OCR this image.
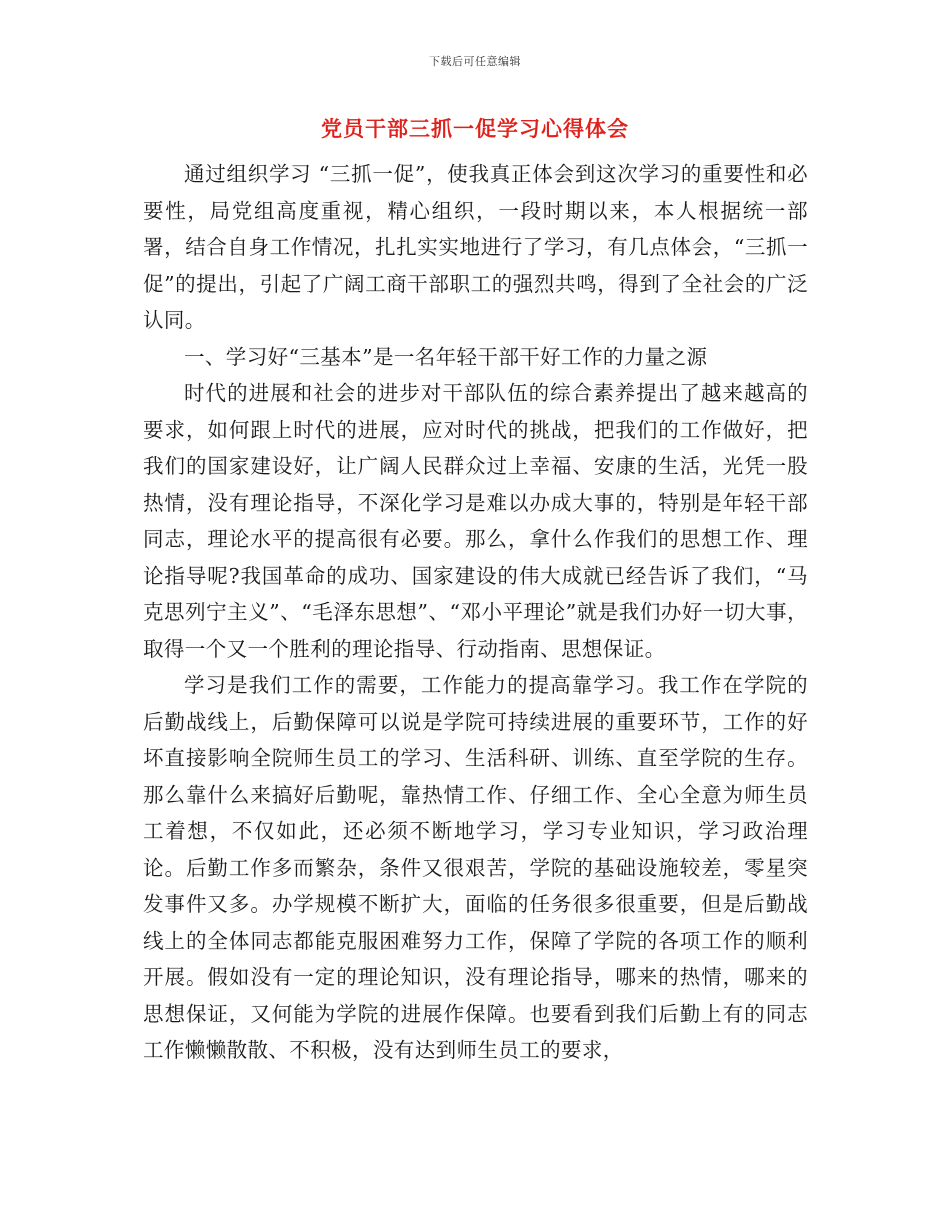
下载后可任意编辑
党员干部三抓一促学习心得体会

通过组织学习 “三抓一促”，使我真正体会到这次学习的重要性和必要性，局党组高度重视，精心组织，一段时期以来，本人根据统一部署，结合自身工作情况，扎扎实实地进行了学习，有几点体会，“三抓一促”的提出，引起了广阔工商干部职工的强烈共鸣，得到了全社会的广泛认同。

一、学习好“三基本”是一名年轻干部干好工作的力量之源

时代的进展和社会的进步对干部队伍的综合素养提出了越来越高的要求，如何跟上时代的进展，应对时代的挑战，把我们的工作做好，把我们的国家建设好，让广阔人民群众过上幸福、安康的生活，光凭一股热情，没有理论指导，不深化学习是难以办成大事的，特别是年轻干部同志，理论水平的提高很有必要。那么，拿什么作我们的思想工作、理论指导呢?我国革命的成功、国家建设的伟大成就已经告诉了我们，“马克思列宁主义”、“毛泽东思想”、“邓小平理论”就是我们办好一切大事，取得一个又一个胜利的理论指导、行动指南、思想保证。

学习是我们工作的需要，工作能力的提高靠学习。我工作在学院的后勤战线上，后勤保障可以说是学院可持续进展的重要环节，工作的好坏直接影响全院师生员工的学习、生活科研、训练、直至学院的生存。那么靠什么来搞好后勤呢，靠热情工作、仔细工作、全心全意为师生员工着想，不仅如此，还必须不断地学习，学习专业知识，学习政治理论。后勤工作多而繁杂，条件又很艰苦，学院的基础设施较差，零星突发事件又多。办学规模不断扩大，面临的任务很多很重要，但是后勤战线上的全体同志都能克服困难努力工作，保障了学院的各项工作的顺利开展。假如没有一定的理论知识，没有理论指导，哪来的热情，哪来的思想保证，又何能为学院的进展作保障。也要看到我们后勤上有的同志工作懒懒散散、不积极，没有达到师生员工的要求，
